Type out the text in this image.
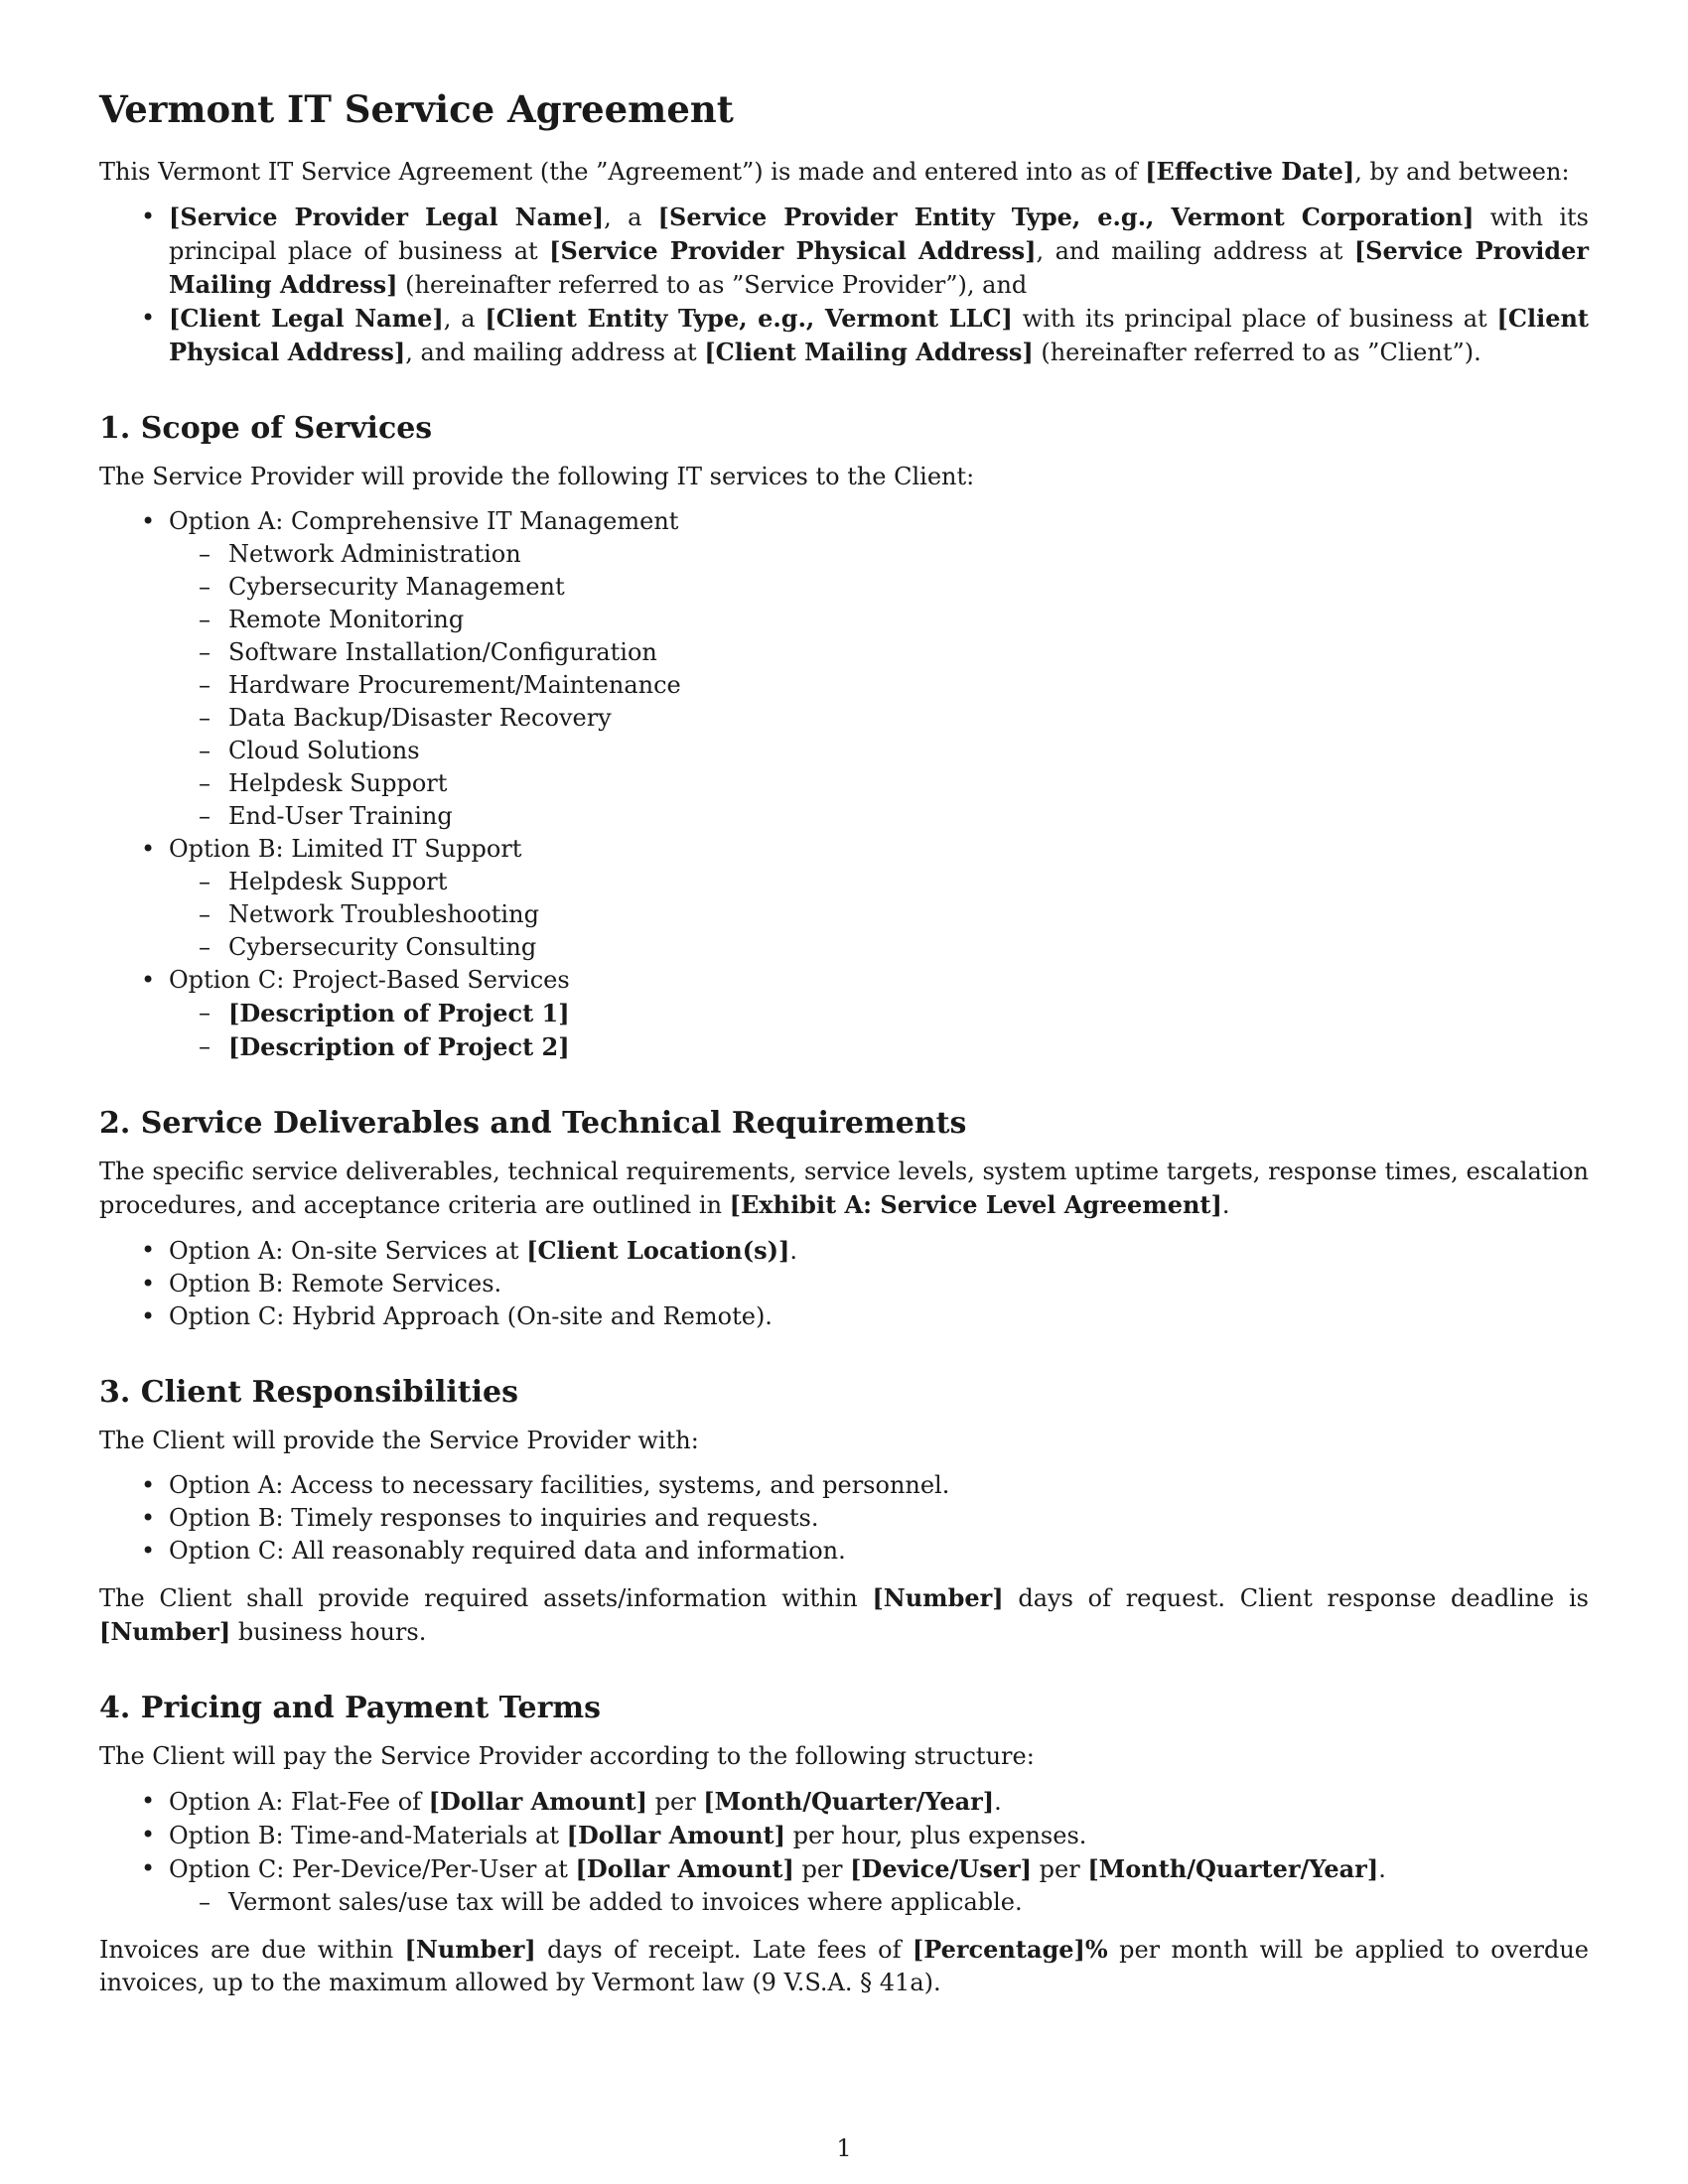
Vermont IT Service Agreement

This Vermont IT Service Agreement (the ”Agreement”) is made and entered into as of [Effective Date], by and between:

• [Service Provider Legal Name], a [Service Provider Entity Type, e.g., Vermont Corporation] with its principal place of business at [Service Provider Physical Address], and mailing address at [Service Provider Mailing Address] (hereinafter referred to as ”Service Provider”), and
• [Client Legal Name], a [Client Entity Type, e.g., Vermont LLC] with its principal place of business at [Client Physical Address], and mailing address at [Client Mailing Address] (hereinafter referred to as ”Client”).
1. Scope of Services

The Service Provider will provide the following IT services to the Client:

• Option A: Comprehensive IT Management
– Network Administration
– Cybersecurity Management
– Remote Monitoring
– Software Installation/Configuration
– Hardware Procurement/Maintenance
– Data Backup/Disaster Recovery
– Cloud Solutions
– Helpdesk Support
– End-User Training
• Option B: Limited IT Support
– Helpdesk Support
– Network Troubleshooting
– Cybersecurity Consulting
• Option C: Project-Based Services
– [Description of Project 1]
– [Description of Project 2]
2. Service Deliverables and Technical Requirements

The specific service deliverables, technical requirements, service levels, system uptime targets, response times, escalation procedures, and acceptance criteria are outlined in [Exhibit A: Service Level Agreement].

• Option A: On-site Services at [Client Location(s)].
• Option B: Remote Services.
• Option C: Hybrid Approach (On-site and Remote).
3. Client Responsibilities

The Client will provide the Service Provider with:

• Option A: Access to necessary facilities, systems, and personnel.
• Option B: Timely responses to inquiries and requests.
• Option C: All reasonably required data and information.

The Client shall provide required assets/information within [Number] days of request. Client response deadline is [Number] business hours.

4. Pricing and Payment Terms

The Client will pay the Service Provider according to the following structure:

• Option A: Flat-Fee of [Dollar Amount] per [Month/Quarter/Year].
• Option B: Time-and-Materials at [Dollar Amount] per hour, plus expenses.
• Option C: Per-Device/Per-User at [Dollar Amount] per [Device/User] per [Month/Quarter/Year].
– Vermont sales/use tax will be added to invoices where applicable.

Invoices are due within [Number] days of receipt. Late fees of [Percentage]% per month will be applied to overdue invoices, up to the maximum allowed by Vermont law (9 V.S.A. § 41a).

1
